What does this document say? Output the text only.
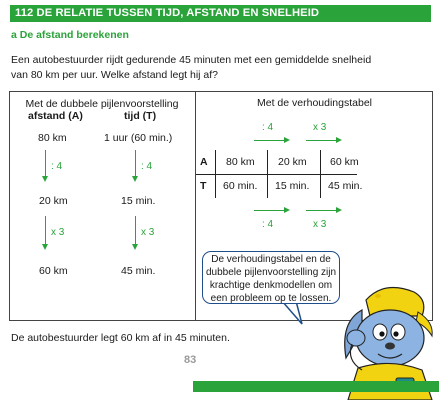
112 DE RELATIE TUSSEN TIJD, AFSTAND EN SNELHEID
a De afstand berekenen
Een autobestuurder rijdt gedurende 45 minuten met een gemiddelde snelheid
van 80 km per uur. Welke afstand legt hij af?
Met de dubbele pijlenvoorstelling
afstand (A)	tijd (T)
80 km	1 uur (60 min.)
: 4	: 4
20 km	15 min.
x 3	x 3
60 km	45 min.
Met de verhoudingstabel
: 4	x 3
A 80 km 20 km 60 km
T 60 min. 15 min. 45 min.
: 4	x 3
De verhoudingstabel en de
dubbele pijlenvoorstelling zijn
krachtige denkmodellen om
een probleem op te lossen.
De autobestuurder legt 60 km af in 45 minuten.
83
